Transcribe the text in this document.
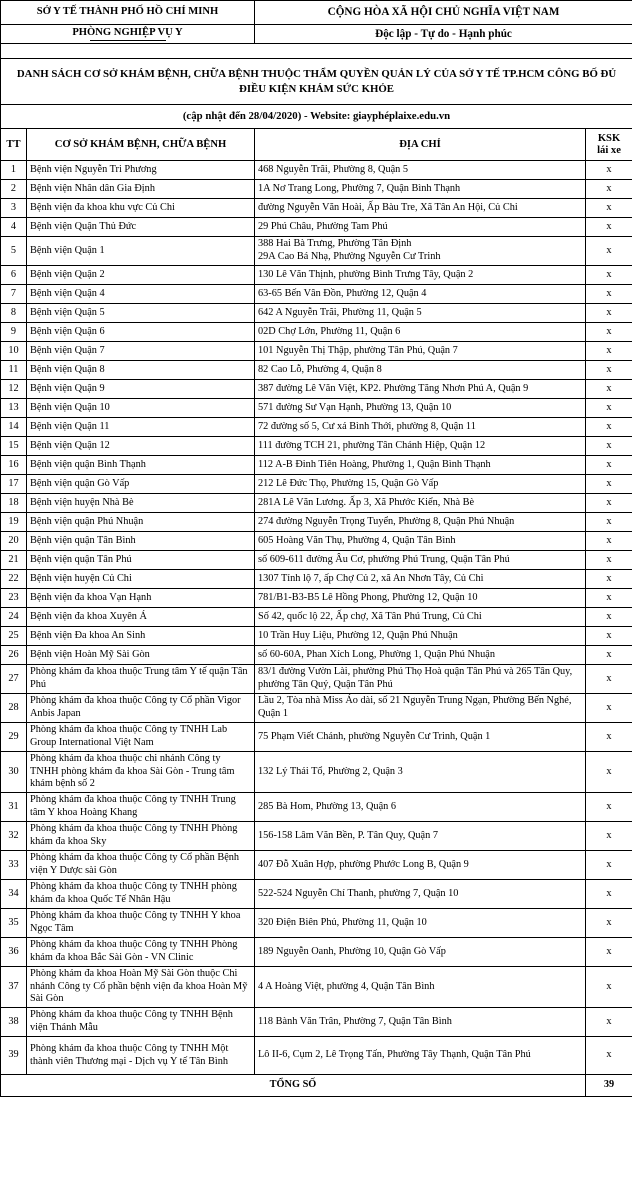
SỞ Y TẾ THÀNH PHỐ HỒ CHÍ MINH		CỘNG HÒA XÃ HỘI CHỦ NGHĨA VIỆT NAM	
PHÒNG NGHIỆP VỤ Y		Độc lập - Tự do - Hạnh phúc	

DANH SÁCH CƠ SỞ KHÁM BỆNH, CHỮA BỆNH THUỘC THẨM QUYỀN QUẢN LÝ CỦA SỞ Y TẾ TP.HCM CÔNG BỐ ĐỦ ĐIỀU KIỆN KHÁM SỨC KHỎE			
(cập nhật đến 28/04/2020) - Website: giayphéplaixe.edu.vn			
TT	CƠ SỞ KHÁM BỆNH, CHỮA BỆNH	ĐỊA CHỈ	KSK
lái xe
1	Bệnh viện Nguyễn Tri Phương	468 Nguyễn Trãi, Phường 8, Quận 5	x
2	Bệnh viện Nhân dân Gia Định	1A Nơ Trang Long, Phường 7, Quận Bình Thạnh	x
3	Bệnh viện đa khoa khu vực Củ Chi	đường Nguyễn Văn Hoài, Ấp Bàu Tre, Xã Tân An Hội, Củ Chi	x
4	Bệnh viện Quận Thủ Đức	29 Phú Châu, Phường Tam Phú	x
5	Bệnh viện Quận 1	388 Hai Bà Trưng, Phường Tân Định
29A Cao Bá Nhạ, Phường Nguyễn Cư Trinh	x
6	Bệnh viện Quận 2	130 Lê Văn Thịnh, phường Bình Trưng Tây, Quận 2	x
7	Bệnh viện Quận 4	63-65 Bến Vân Đồn, Phường 12, Quận 4	x
8	Bệnh viện Quận 5	642 A Nguyễn Trãi, Phường 11, Quận 5	x
9	Bệnh viện Quận 6	02D Chợ Lớn, Phường 11, Quận 6	x
10	Bệnh viện Quận 7	101 Nguyễn Thị Thập, phường Tân Phú, Quận 7	x
11	Bệnh viện Quận 8	82 Cao Lỗ, Phường 4, Quận 8	x
12	Bệnh viện Quận 9	387 đường Lê Văn Việt, KP2. Phường Tăng Nhơn Phú A, Quận 9	x
13	Bệnh viện Quận 10	571 đường Sư Vạn Hạnh, Phường 13, Quận 10	x
14	Bệnh viện Quận 11	72 đường số 5, Cư xá Bình Thới, phường 8, Quận 11	x
15	Bệnh viện Quận 12	111 đường TCH 21, phường Tân Chánh Hiệp, Quận 12	x
16	Bệnh viện quận Bình Thạnh	112 A-B Đinh Tiên Hoàng, Phường 1, Quận Bình Thạnh	x
17	Bệnh viện quận Gò Vấp	212 Lê Đức Thọ, Phường 15, Quận Gò Vấp	x
18	Bệnh viện huyện Nhà Bè	281A Lê Văn Lương. Ấp 3, Xã Phước Kiển, Nhà Bè	x
19	Bệnh viện quận Phú Nhuận	274 đường Nguyễn Trọng Tuyển, Phường 8, Quận Phú Nhuận	x
20	Bệnh viện quận Tân Bình	605 Hoàng Văn Thụ, Phường 4, Quận Tân Bình	x
21	Bệnh viện quận Tân Phú	số 609-611 đường Âu Cơ, phường Phú Trung, Quận Tân Phú	x
22	Bệnh viện huyện Củ Chi	1307 Tỉnh lộ 7, ấp Chợ Củ 2, xã An Nhơn Tây, Củ Chi	x
23	Bệnh viện đa khoa Vạn Hạnh	781/B1-B3-B5 Lê Hồng Phong, Phường 12, Quận 10	x
24	Bệnh viện đa khoa Xuyên Á	Số 42, quốc lộ 22, Ấp chợ, Xã Tân Phú Trung, Củ Chi	x
25	Bệnh viện Đa khoa An Sinh	10 Trần Huy Liệu, Phường 12, Quận Phú Nhuận	x
26	Bệnh viện Hoàn Mỹ Sài Gòn	số 60-60A, Phan Xích Long, Phường 1, Quận Phú Nhuận	x
27	Phòng khám đa khoa thuộc Trung tâm Y tế quận Tân Phú	83/1 đường Vườn Lài, phường Phú Thọ Hoà quận Tân Phú và 265 Tân Quy, phường Tân Quý, Quận Tân Phú	x
28	Phòng khám đa khoa thuộc Công ty Cổ phần Vigor Anbis Japan	Lầu 2, Tòa nhà Miss Áo dài, số 21 Nguyễn Trung Ngạn, Phường Bến Nghé, Quận 1	x
29	Phòng khám đa khoa thuộc Công ty TNHH Lab Group International Việt Nam	75 Phạm Viết Chánh, phường Nguyễn Cư Trinh, Quận 1	x
30	Phòng khám đa khoa thuộc chi nhánh Công ty TNHH phòng khám đa khoa Sài Gòn - Trung tâm khám bệnh số 2	132 Lý Thái Tổ, Phường 2, Quận 3	x
31	Phòng khám đa khoa thuộc Công ty TNHH Trung tâm Y khoa Hoàng Khang	285 Bà Hom, Phường 13, Quận 6	x
32	Phòng khám đa khoa thuộc Công ty TNHH Phòng khám đa khoa Sky	156-158 Lâm Văn Bền, P. Tân Quy, Quận 7	x
33	Phòng khám đa khoa thuộc Công ty Cổ phần Bệnh viện Y Dược sài Gòn	407 Đỗ Xuân Hợp, phường Phước Long B, Quận 9	x
34	Phòng khám đa khoa thuộc Công ty TNHH phòng khám đa khoa Quốc Tế Nhân Hậu	522-524 Nguyễn Chí Thanh, phường 7, Quận 10	x
35	Phòng khám đa khoa thuộc Công ty TNHH Y khoa Ngọc Tâm	320 Điện Biên Phủ, Phường 11, Quận 10	x
36	Phòng khám đa khoa thuộc Công ty TNHH Phòng khám đa khoa Bắc Sài Gòn - VN Clinic	189 Nguyễn Oanh, Phường 10, Quận Gò Vấp	x
37	Phòng khám đa khoa Hoàn Mỹ Sài Gòn thuộc Chi nhánh Công ty Cổ phần bệnh viện đa khoa Hoàn Mỹ Sài Gòn	4 A Hoàng Việt, phường 4, Quận Tân Bình	x
38	Phòng khám đa khoa thuộc Công ty TNHH Bệnh viện Thánh Mẫu	118 Bành Văn Trân, Phường 7, Quận Tân Bình	x
39	Phòng khám đa khoa thuộc Công ty TNHH Một thành viên Thương mại - Dịch vụ Y tế Tân Bình	Lô II-6, Cụm 2, Lê Trọng Tấn, Phường Tây Thạnh, Quận Tân Phú	x
TỔNG SỐ			39
